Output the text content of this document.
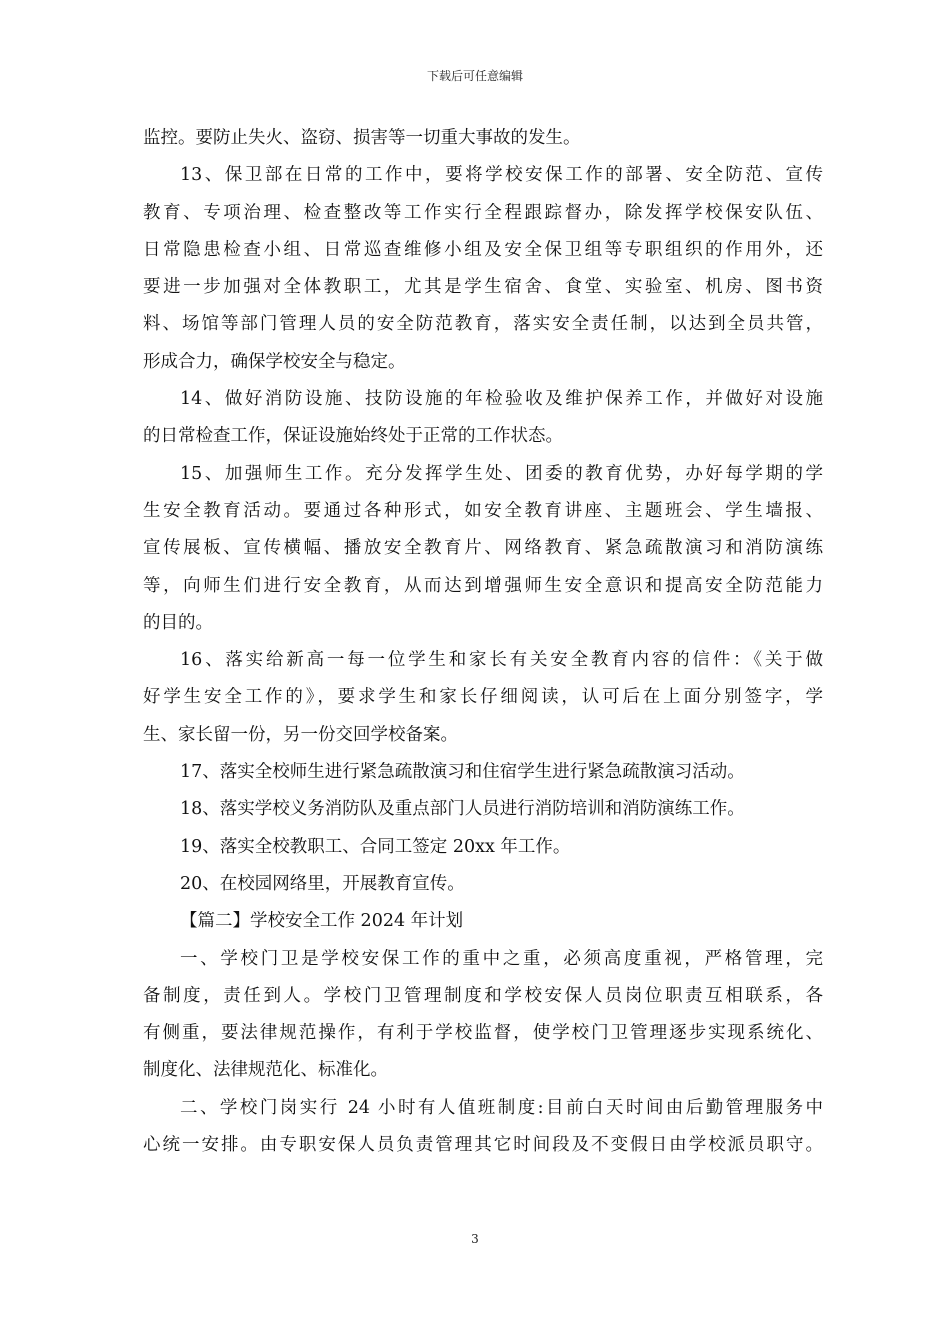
下载后可任意编辑
监控。要防止失火、盗窃、损害等一切重大事故的发生。
13、保卫部在日常的工作中，要将学校安保工作的部署、安全防范、宣传
教育、专项治理、检查整改等工作实行全程跟踪督办，除发挥学校保安队伍、
日常隐患检查小组、日常巡查维修小组及安全保卫组等专职组织的作用外，还
要进一步加强对全体教职工，尤其是学生宿舍、食堂、实验室、机房、图书资
料、场馆等部门管理人员的安全防范教育，落实安全责任制，以达到全员共管，
形成合力，确保学校安全与稳定。
14、做好消防设施、技防设施的年检验收及维护保养工作，并做好对设施
的日常检查工作，保证设施始终处于正常的工作状态。
15、加强师生工作。充分发挥学生处、团委的教育优势，办好每学期的学
生安全教育活动。要通过各种形式，如安全教育讲座、主题班会、学生墙报、
宣传展板、宣传横幅、播放安全教育片、网络教育、紧急疏散演习和消防演练
等，向师生们进行安全教育，从而达到增强师生安全意识和提高安全防范能力
的目的。
16、落实给新高一每一位学生和家长有关安全教育内容的信件：《关于做
好学生安全工作的》，要求学生和家长仔细阅读，认可后在上面分别签字，学
生、家长留一份，另一份交回学校备案。
17、落实全校师生进行紧急疏散演习和住宿学生进行紧急疏散演习活动。
18、落实学校义务消防队及重点部门人员进行消防培训和消防演练工作。
19、落实全校教职工、合同工签定 20xx 年工作。
20、在校园网络里，开展教育宣传。
【篇二】学校安全工作 2024 年计划
一、学校门卫是学校安保工作的重中之重，必须高度重视，严格管理，完
备制度，责任到人。学校门卫管理制度和学校安保人员岗位职责互相联系，各
有侧重，要法律规范操作，有利于学校监督，使学校门卫管理逐步实现系统化、
制度化、法律规范化、标准化。
二、学校门岗实行 24 小时有人值班制度:目前白天时间由后勤管理服务中
心统一安排。由专职安保人员负责管理其它时间段及不变假日由学校派员职守。
3
